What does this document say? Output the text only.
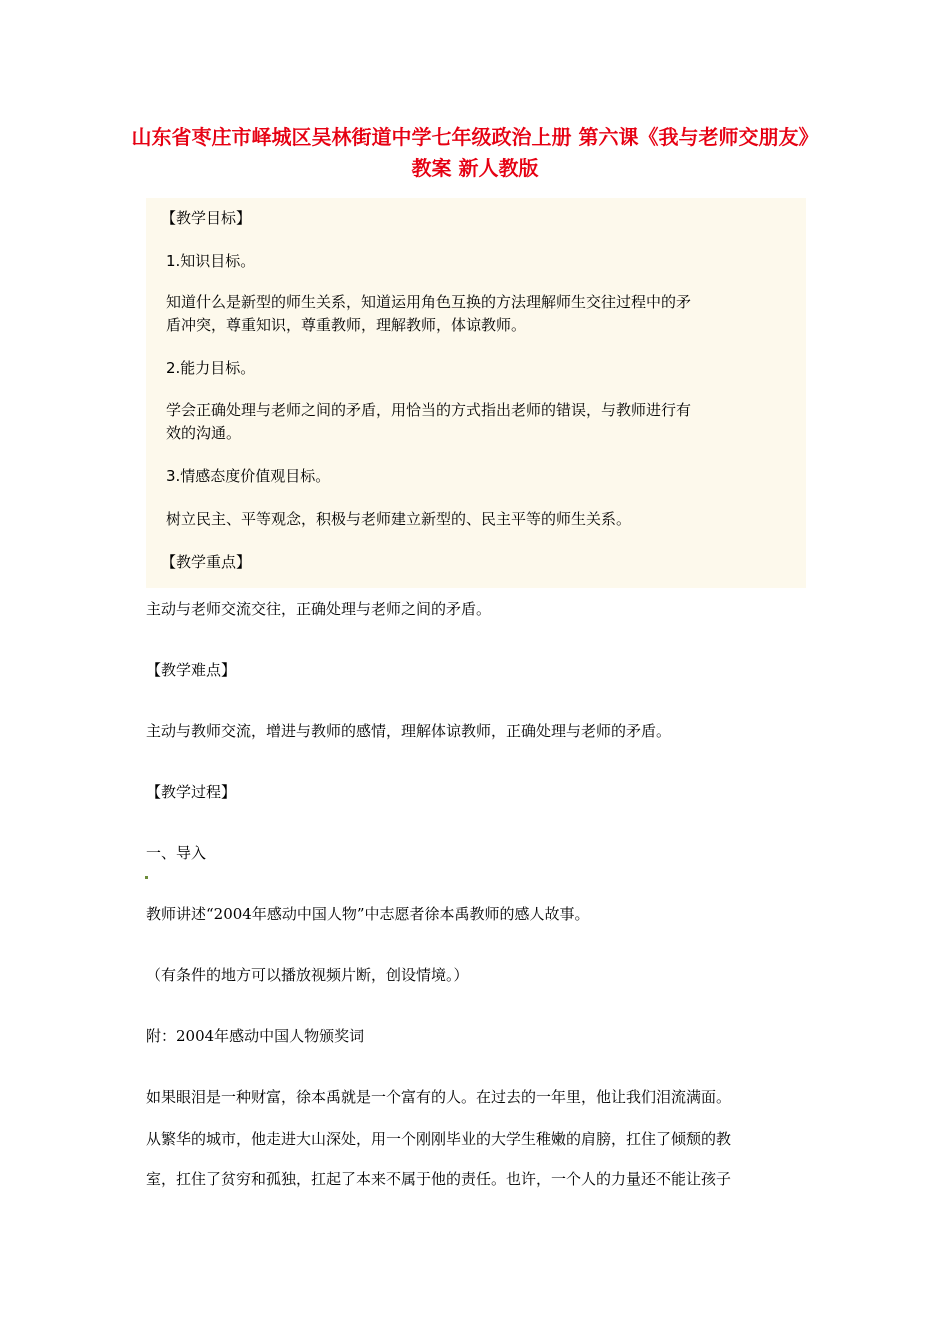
山东省枣庄市峄城区吴林街道中学七年级政治上册 第六课《我与老师交朋友》教案 新人教版

【教学目标】

1.知识目标。

知道什么是新型的师生关系，知道运用角色互换的方法理解师生交往过程中的矛

盾冲突，尊重知识，尊重教师，理解教师，体谅教师。

2.能力目标。

学会正确处理与老师之间的矛盾，用恰当的方式指出老师的错误，与教师进行有

效的沟通。

3.情感态度价值观目标。

树立民主、平等观念，积极与老师建立新型的、民主平等的师生关系。

【教学重点】

主动与老师交流交往，正确处理与老师之间的矛盾。

【教学难点】

主动与教师交流，增进与教师的感情，理解体谅教师，正确处理与老师的矛盾。

【教学过程】

一、导入

教师讲述“2004年感动中国人物”中志愿者徐本禹教师的感人故事。

（有条件的地方可以播放视频片断，创设情境。）

附：2004年感动中国人物颁奖词

如果眼泪是一种财富，徐本禹就是一个富有的人。在过去的一年里，他让我们泪流满面。

从繁华的城市，他走进大山深处，用一个刚刚毕业的大学生稚嫩的肩膀，扛住了倾颓的教

室，扛住了贫穷和孤独，扛起了本来不属于他的责任。也许，一个人的力量还不能让孩子
